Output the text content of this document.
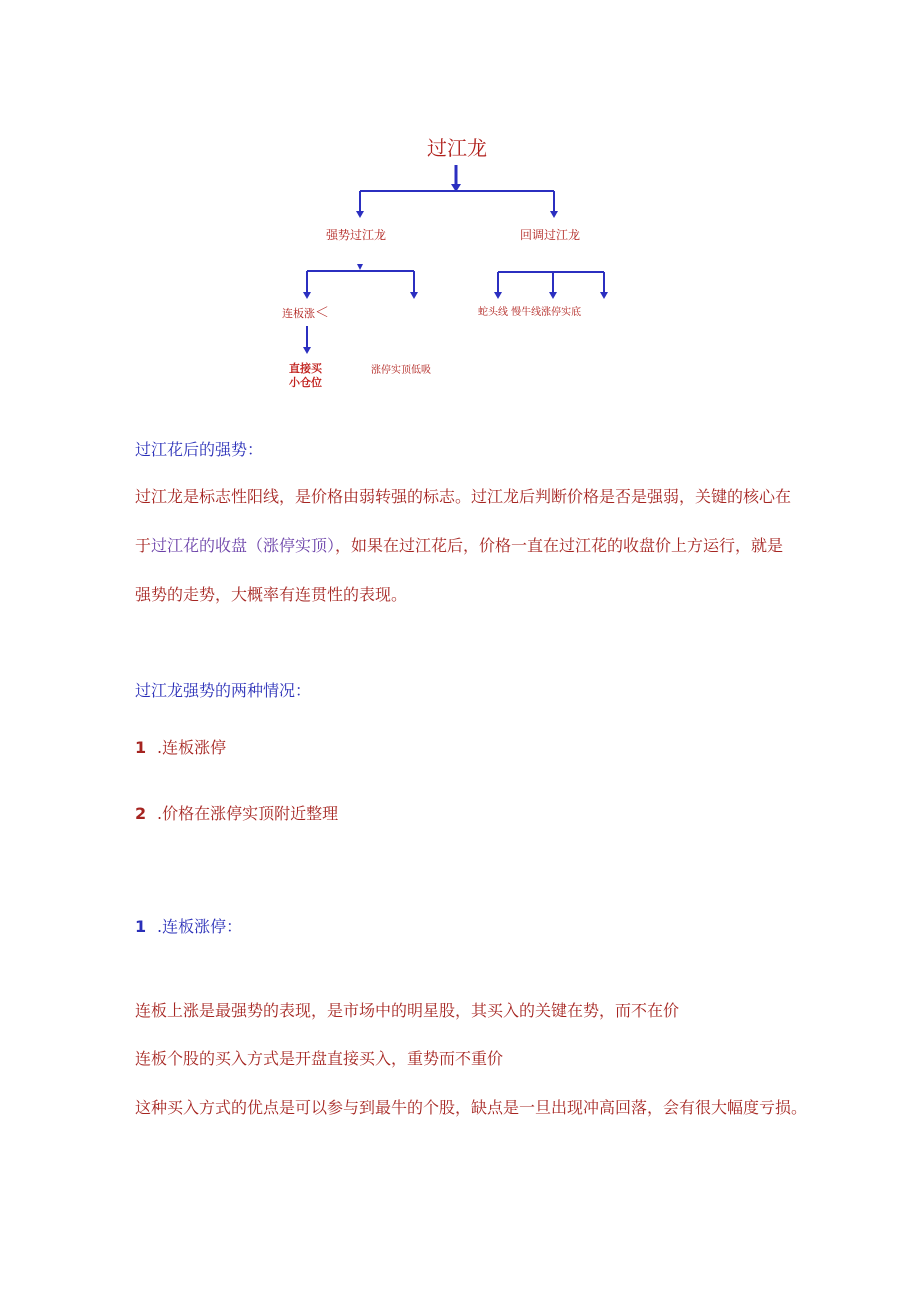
过江龙
强势过江龙	回调过江龙
连板涨＜
直接买
小仓位
涨停实顶低吸
蛇头线 慢牛线涨停实底
过江花后的强势：
过江龙是标志性阳线，是价格由弱转强的标志。过江龙后判断价格是否是强弱，关键的核心在
于过江花的收盘（涨停实顶），如果在过江花后，价格一直在过江花的收盘价上方运行，就是
强势的走势，大概率有连贯性的表现。
过江龙强势的两种情况：
1 .连板涨停
2 .价格在涨停实顶附近整理
1 .连板涨停：
连板上涨是最强势的表现，是市场中的明星股，其买入的关键在势，而不在价
连板个股的买入方式是开盘直接买入，重势而不重价
这种买入方式的优点是可以参与到最牛的个股，缺点是一旦出现冲高回落，会有很大幅度亏损。
